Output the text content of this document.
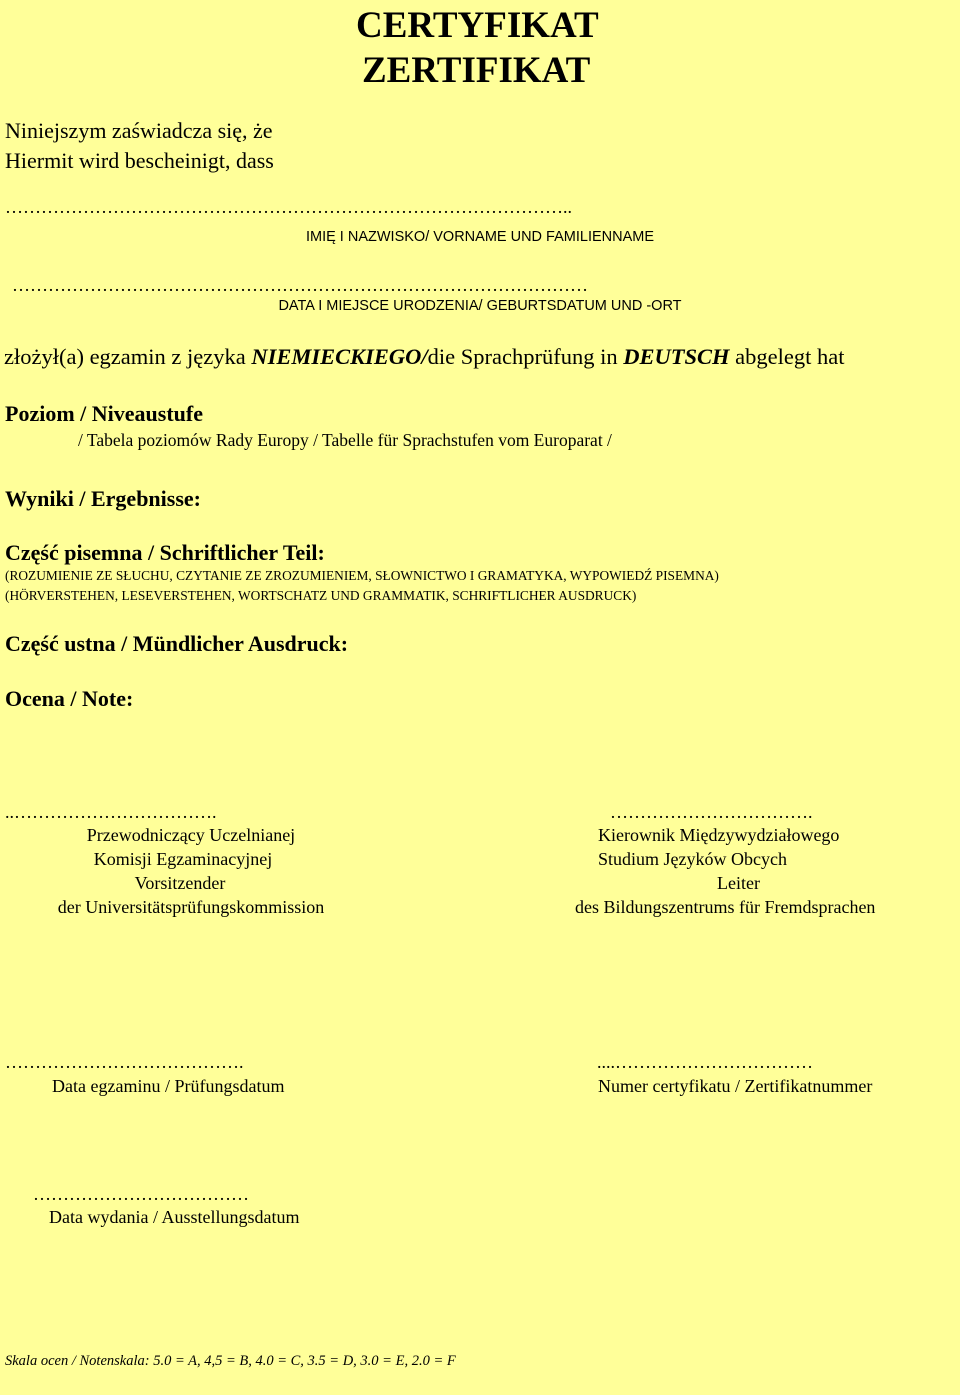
CERTYFIKAT
ZERTIFIKAT
Niniejszym zaświadcza się, że
Hiermit wird bescheinigt, dass
…………………………………………………………………………………..
IMIĘ I NAZWISKO/ VORNAME UND FAMILIENNAME
……………………………………………………………………………………
DATA I MIEJSCE URODZENIA/ GEBURTSDATUM UND -ORT
złożył(a) egzamin z języka NIEMIECKIEGO/die Sprachprüfung in DEUTSCH abgelegt hat
Poziom / Niveaustufe
/ Tabela poziomów Rady Europy / Tabelle für Sprachstufen vom Europarat /
Wyniki / Ergebnisse:
Część pisemna / Schriftlicher Teil:
(ROZUMIENIE ZE SŁUCHU, CZYTANIE ZE ZROZUMIENIEM, SŁOWNICTWO I GRAMATYKA, WYPOWIEDŹ PISEMNA)
(HÖRVERSTEHEN, LESEVERSTEHEN, WORTSCHATZ UND GRAMMATIK, SCHRIFTLICHER AUSDRUCK)
Część ustna / Mündlicher Ausdruck:
Ocena / Note:
..…………………………….
Przewodniczący Uczelnianej
Komisji Egzaminacyjnej
Vorsitzender
der Universitätsprüfungskommission
…………………………….
Kierownik Międzywydziałowego
Studium Języków Obcych
Leiter
des Bildungszentrums für Fremdsprachen
………………………………….
Data egzaminu / Prüfungsdatum
....……………………………
Numer certyfikatu / Zertifikatnummer
………………………………
Data wydania / Ausstellungsdatum
Skala ocen / Notenskala: 5.0 = A, 4,5 = B, 4.0 = C, 3.5 = D, 3.0 = E, 2.0 = F
